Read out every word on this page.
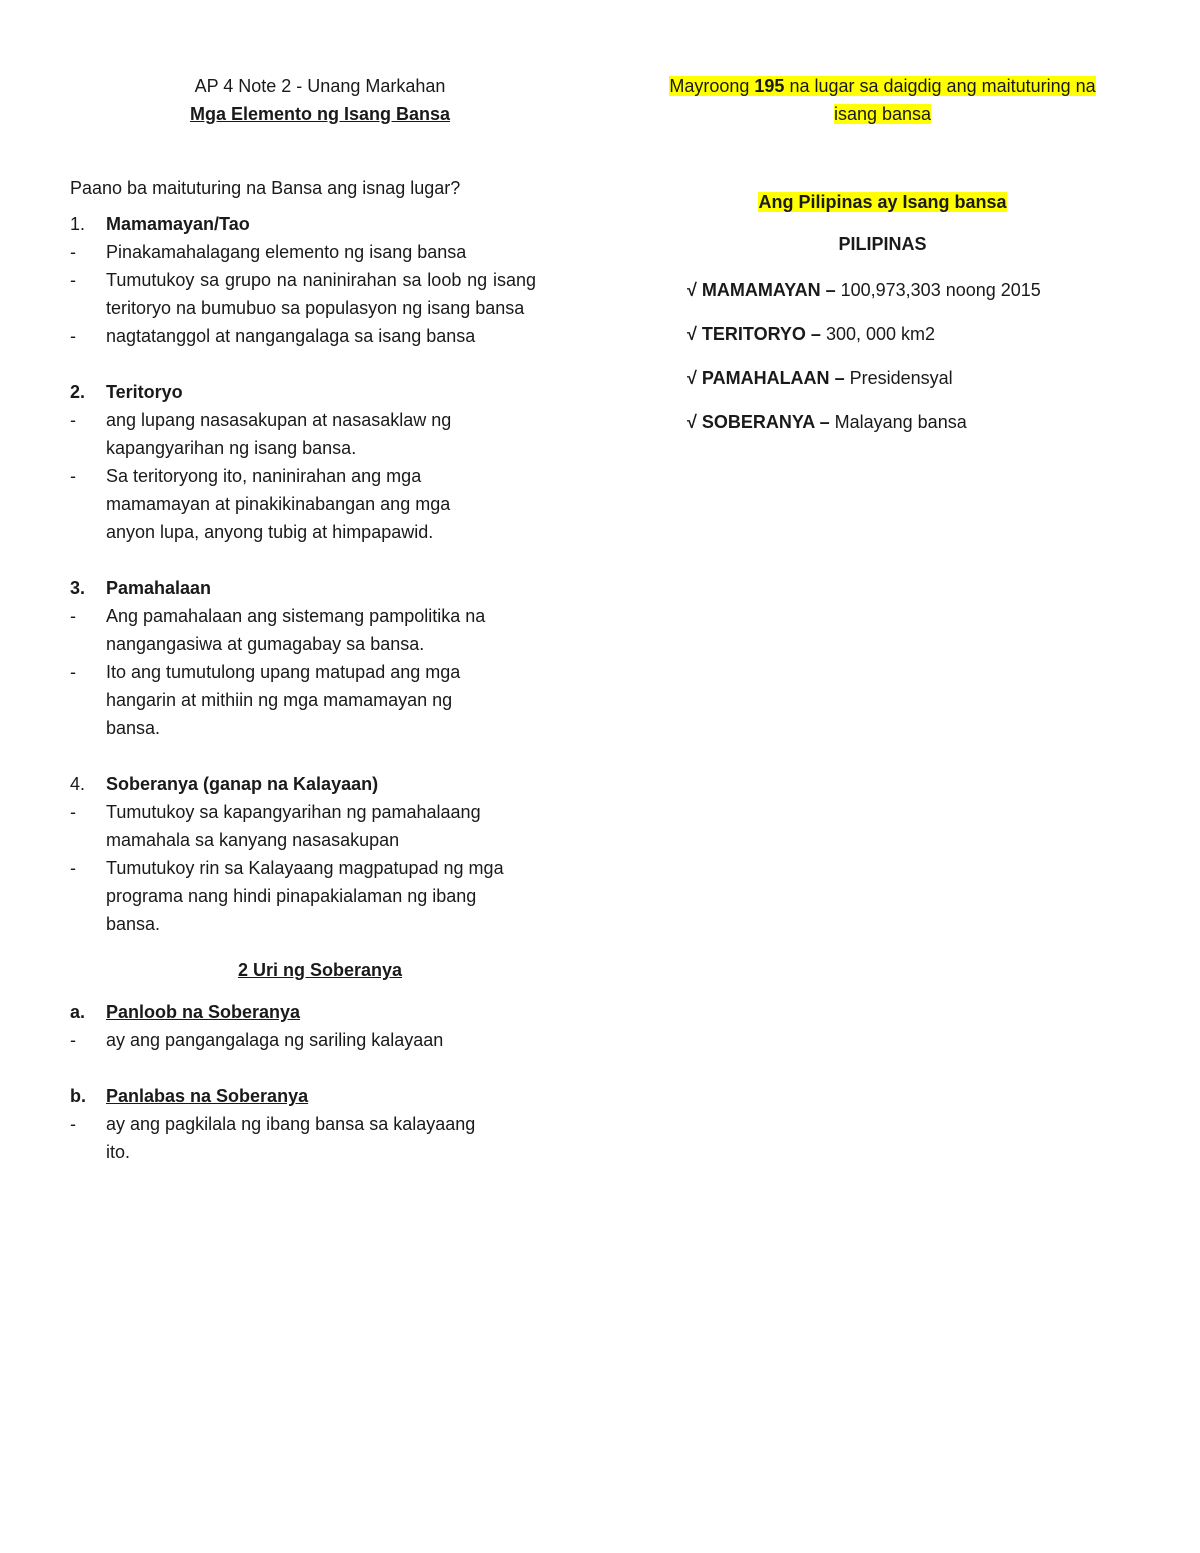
AP 4 Note 2 - Unang Markahan
Mga Elemento ng Isang Bansa
Paano ba maituturing na Bansa ang isnag lugar?
1.	Mamamayan/Tao
-	Pinakamahalagang elemento ng isang bansa
-	Tumutukoy sa grupo na naninirahan sa loob ng isang teritoryo na bumubuo sa populasyon ng isang bansa
-	nagtatanggol at nangangalaga sa isang bansa
2.	Teritoryo
-	ang lupang nasasakupan at nasasaklaw ng kapangyarihan ng isang bansa.
-	Sa teritoryong ito, naninirahan ang mga mamamayan at pinakikinabangan ang mga anyon lupa, anyong tubig at himpapawid.
3.	Pamahalaan
-	Ang pamahalaan ang sistemang pampolitika na nangangasiwa at gumagabay sa bansa.
-	Ito ang tumutulong upang matupad ang mga hangarin at mithiin ng mga mamamayan ng bansa.
4.	Soberanya (ganap na Kalayaan)
-	Tumutukoy sa kapangyarihan ng pamahalaang mamahala sa kanyang nasasakupan
-	Tumutukoy rin sa Kalayaang magpatupad ng mga programa nang hindi pinapakialaman ng ibang bansa.
2 Uri ng Soberanya
a.	Panloob na Soberanya
-	ay ang pangangalaga ng sariling kalayaan
b.	Panlabas na Soberanya
-	ay ang pagkilala ng ibang bansa sa kalayaang ito.
Mayroong 195 na lugar sa daigdig ang maituturing na
isang bansa
Ang Pilipinas ay Isang bansa
PILIPINAS
√ MAMAMAYAN – 100,973,303 noong 2015
√ TERITORYO – 300, 000 km2
√ PAMAHALAAN – Presidensyal
√ SOBERANYA – Malayang bansa
